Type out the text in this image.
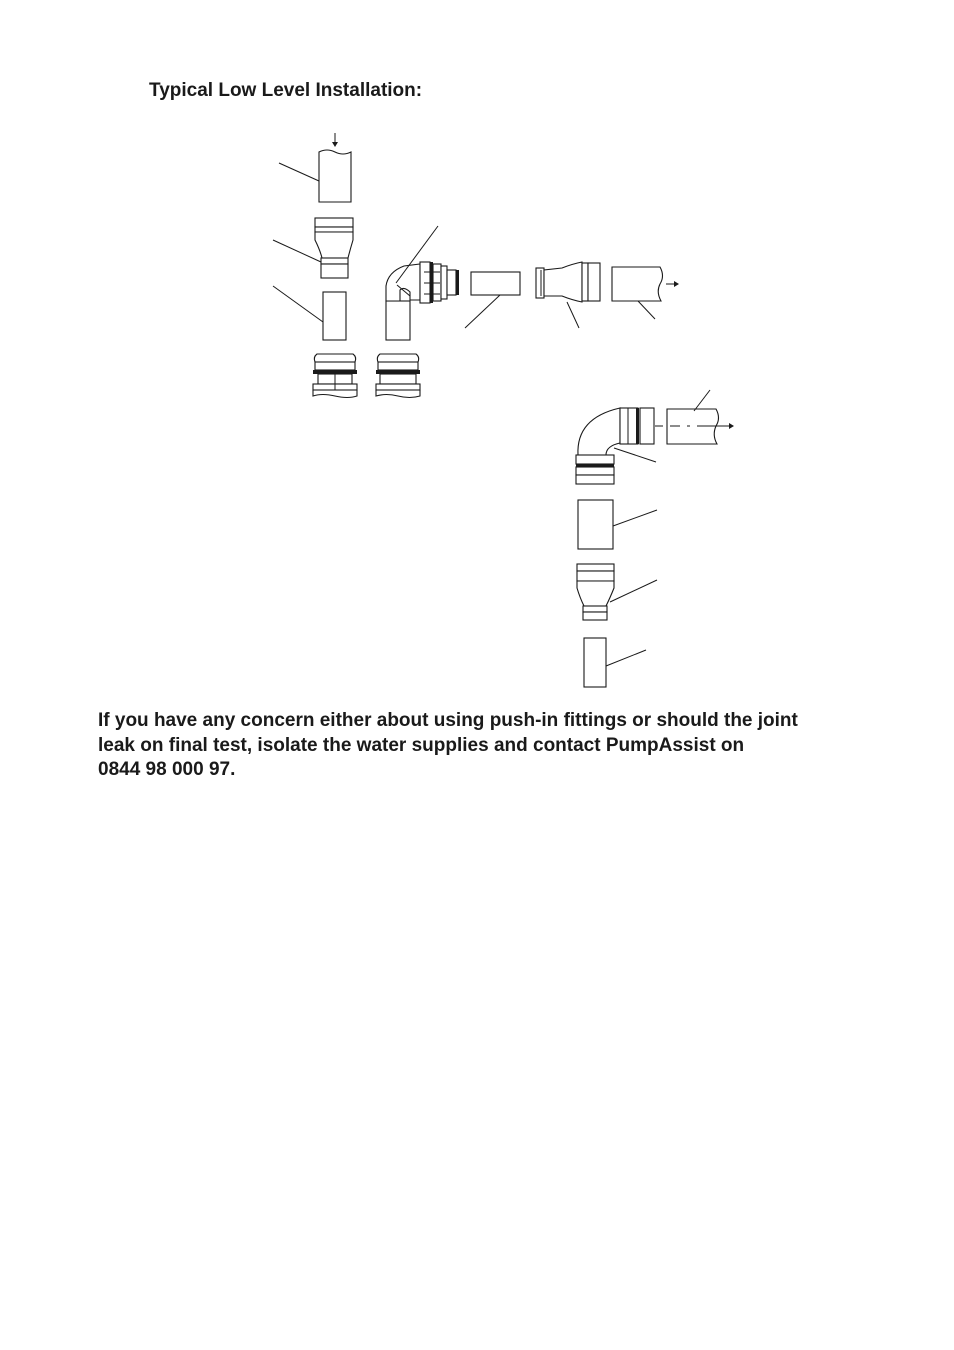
Typical Low Level Installation:

If you have any concern either about using push-in fittings or should the joint
leak on final test, isolate the water supplies and contact PumpAssist on
0844 98 000 97.
